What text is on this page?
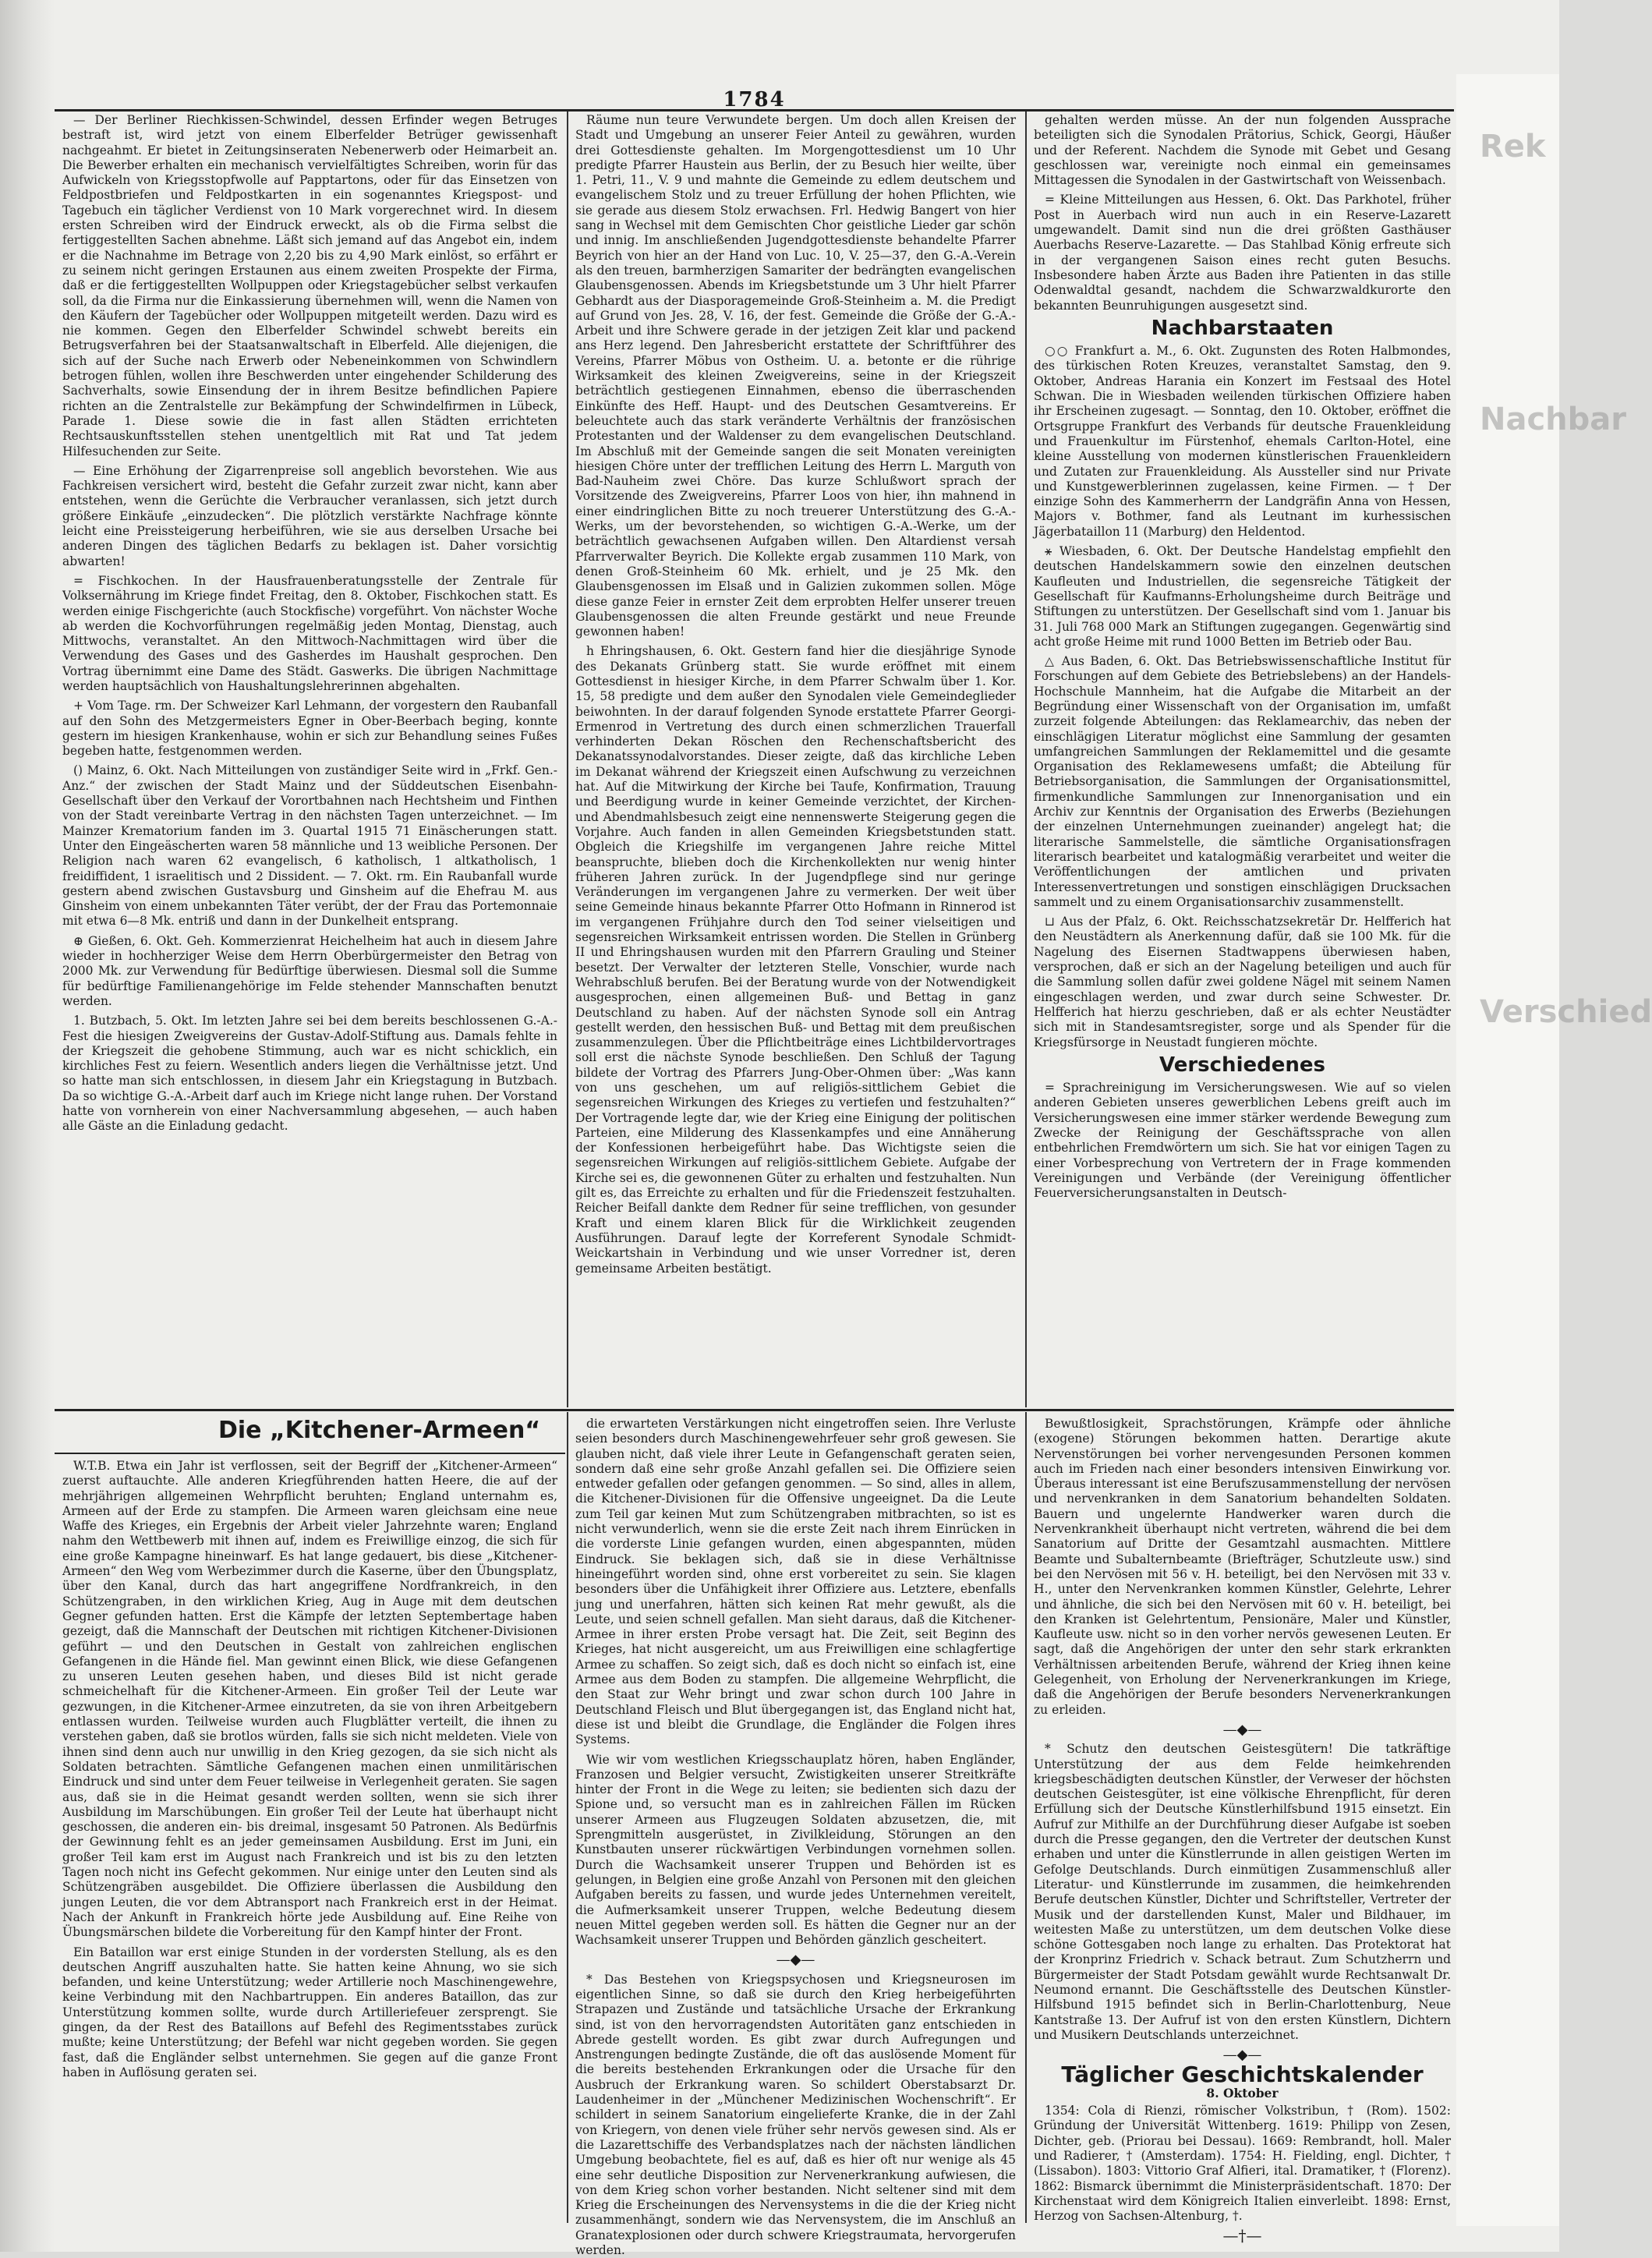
Rek
Nachbar
Verschied
1784

— Der Berliner Riechkissen-Schwindel, dessen Erfinder wegen Betruges bestraft ist, wird jetzt von einem Elberfelder Betrüger gewissenhaft nachgeahmt. Er bietet in Zeitungsinseraten Nebenerwerb oder Heimarbeit an. Die Bewerber erhalten ein mechanisch vervielfältigtes Schreiben, worin für das Aufwickeln von Kriegsstopfwolle auf Papptartons, oder für das Einsetzen von Feldpostbriefen und Feldpostkarten in ein sogenanntes Kriegspost- und Tagebuch ein täglicher Verdienst von 10 Mark vorgerechnet wird. In diesem ersten Schreiben wird der Eindruck erweckt, als ob die Firma selbst die fertiggestellten Sachen abnehme. Läßt sich jemand auf das Angebot ein, indem er die Nachnahme im Betrage von 2,20 bis zu 4,90 Mark einlöst, so erfährt er zu seinem nicht geringen Erstaunen aus einem zweiten Prospekte der Firma, daß er die fertiggestellten Wollpuppen oder Kriegstagebücher selbst verkaufen soll, da die Firma nur die Einkassierung übernehmen will, wenn die Namen von den Käufern der Tagebücher oder Wollpuppen mitgeteilt werden. Dazu wird es nie kommen. Gegen den Elberfelder Schwindel schwebt bereits ein Betrugsverfahren bei der Staatsanwaltschaft in Elberfeld. Alle diejenigen, die sich auf der Suche nach Erwerb oder Nebeneinkommen von Schwindlern betrogen fühlen, wollen ihre Beschwerden unter eingehender Schilderung des Sachverhalts, sowie Einsendung der in ihrem Besitze befindlichen Papiere richten an die Zentralstelle zur Bekämpfung der Schwindelfirmen in Lübeck, Parade 1. Diese sowie die in fast allen Städten errichteten Rechtsauskunftsstellen stehen unentgeltlich mit Rat und Tat jedem Hilfesuchenden zur Seite.

— Eine Erhöhung der Zigarrenpreise soll angeblich bevorstehen. Wie aus Fachkreisen versichert wird, besteht die Gefahr zurzeit zwar nicht, kann aber entstehen, wenn die Gerüchte die Verbraucher veranlassen, sich jetzt durch größere Einkäufe „einzudecken“. Die plötzlich verstärkte Nachfrage könnte leicht eine Preissteigerung herbeiführen, wie sie aus derselben Ursache bei anderen Dingen des täglichen Bedarfs zu beklagen ist. Daher vorsichtig abwarten!

= Fischkochen. In der Hausfrauenberatungsstelle der Zentrale für Volksernährung im Kriege findet Freitag, den 8. Oktober, Fischkochen statt. Es werden einige Fischgerichte (auch Stockfische) vorgeführt. Von nächster Woche ab werden die Kochvorführungen regelmäßig jeden Montag, Dienstag, auch Mittwochs, veranstaltet. An den Mittwoch-Nachmittagen wird über die Verwendung des Gases und des Gasherdes im Haushalt gesprochen. Den Vortrag übernimmt eine Dame des Städt. Gaswerks. Die übrigen Nachmittage werden hauptsächlich von Haushaltungslehrerinnen abgehalten.

+ Vom Tage. rm. Der Schweizer Karl Lehmann, der vorgestern den Raubanfall auf den Sohn des Metzgermeisters Egner in Ober-Beerbach beging, konnte gestern im hiesigen Krankenhause, wohin er sich zur Behandlung seines Fußes begeben hatte, festgenommen werden.

() Mainz, 6. Okt. Nach Mitteilungen von zuständiger Seite wird in „Frkf. Gen.-Anz.“ der zwischen der Stadt Mainz und der Süddeutschen Eisenbahn-Gesellschaft über den Verkauf der Vorortbahnen nach Hechtsheim und Finthen von der Stadt vereinbarte Vertrag in den nächsten Tagen unterzeichnet. — Im Mainzer Krematorium fanden im 3. Quartal 1915 71 Einäscherungen statt. Unter den Eingeäscherten waren 58 männliche und 13 weibliche Personen. Der Religion nach waren 62 evangelisch, 6 katholisch, 1 altkatholisch, 1 freidiffident, 1 israelitisch und 2 Dissident. — 7. Okt. rm. Ein Raubanfall wurde gestern abend zwischen Gustavsburg und Ginsheim auf die Ehefrau M. aus Ginsheim von einem unbekannten Täter verübt, der der Frau das Portemonnaie mit etwa 6—8 Mk. entriß und dann in der Dunkelheit entsprang.

⊕ Gießen, 6. Okt. Geh. Kommerzienrat Heichelheim hat auch in diesem Jahre wieder in hochherziger Weise dem Herrn Oberbürgermeister den Betrag von 2000 Mk. zur Verwendung für Bedürftige überwiesen. Diesmal soll die Summe für bedürftige Familienangehörige im Felde stehender Mannschaften benutzt werden.

1. Butzbach, 5. Okt. Im letzten Jahre sei bei dem bereits beschlossenen G.-A.-Fest die hiesigen Zweigvereins der Gustav-Adolf-Stiftung aus. Damals fehlte in der Kriegszeit die gehobene Stimmung, auch war es nicht schicklich, ein kirchliches Fest zu feiern. Wesentlich anders liegen die Verhältnisse jetzt. Und so hatte man sich entschlossen, in diesem Jahr ein Kriegstagung in Butzbach. Da so wichtige G.-A.-Arbeit darf auch im Kriege nicht lange ruhen. Der Vorstand hatte von vornherein von einer Nachversammlung abgesehen, — auch haben alle Gäste an die Einladung gedacht.

Räume nun teure Verwundete bergen. Um doch allen Kreisen der Stadt und Umgebung an unserer Feier Anteil zu gewähren, wurden drei Gottesdienste gehalten. Im Morgengottesdienst um 10 Uhr predigte Pfarrer Haustein aus Berlin, der zu Besuch hier weilte, über 1. Petri, 11., V. 9 und mahnte die Gemeinde zu edlem deutschem und evangelischem Stolz und zu treuer Erfüllung der hohen Pflichten, wie sie gerade aus diesem Stolz erwachsen. Frl. Hedwig Bangert von hier sang in Wechsel mit dem Gemischten Chor geistliche Lieder gar schön und innig. Im anschließenden Jugendgottesdienste behandelte Pfarrer Beyrich von hier an der Hand von Luc. 10, V. 25—37, den G.-A.-Verein als den treuen, barmherzigen Samariter der bedrängten evangelischen Glaubensgenossen. Abends im Kriegsbetstunde um 3 Uhr hielt Pfarrer Gebhardt aus der Diasporagemeinde Groß-Steinheim a. M. die Predigt auf Grund von Jes. 28, V. 16, der fest. Gemeinde die Größe der G.-A.-Arbeit und ihre Schwere gerade in der jetzigen Zeit klar und packend ans Herz legend. Den Jahresbericht erstattete der Schriftführer des Vereins, Pfarrer Möbus von Ostheim. U. a. betonte er die rührige Wirksamkeit des kleinen Zweigvereins, seine in der Kriegszeit beträchtlich gestiegenen Einnahmen, ebenso die überraschenden Einkünfte des Heff. Haupt- und des Deutschen Gesamtvereins. Er beleuchtete auch das stark veränderte Verhältnis der französischen Protestanten und der Waldenser zu dem evangelischen Deutschland. Im Abschluß mit der Gemeinde sangen die seit Monaten vereinigten hiesigen Chöre unter der trefflichen Leitung des Herrn L. Marguth von Bad-Nauheim zwei Chöre. Das kurze Schlußwort sprach der Vorsitzende des Zweigvereins, Pfarrer Loos von hier, ihn mahnend in einer eindringlichen Bitte zu noch treuerer Unterstützung des G.-A.-Werks, um der bevorstehenden, so wichtigen G.-A.-Werke, um der beträchtlich gewachsenen Aufgaben willen. Den Altardienst versah Pfarrverwalter Beyrich. Die Kollekte ergab zusammen 110 Mark, von denen Groß-Steinheim 60 Mk. erhielt, und je 25 Mk. den Glaubensgenossen im Elsaß und in Galizien zukommen sollen. Möge diese ganze Feier in ernster Zeit dem erprobten Helfer unserer treuen Glaubensgenossen die alten Freunde gestärkt und neue Freunde gewonnen haben!

h Ehringshausen, 6. Okt. Gestern fand hier die diesjährige Synode des Dekanats Grünberg statt. Sie wurde eröffnet mit einem Gottesdienst in hiesiger Kirche, in dem Pfarrer Schwalm über 1. Kor. 15, 58 predigte und dem außer den Synodalen viele Gemeindeglieder beiwohnten. In der darauf folgenden Synode erstattete Pfarrer Georgi-Ermenrod in Vertretung des durch einen schmerzlichen Trauerfall verhinderten Dekan Röschen den Rechenschaftsbericht des Dekanatssynodalvorstandes. Dieser zeigte, daß das kirchliche Leben im Dekanat während der Kriegszeit einen Aufschwung zu verzeichnen hat. Auf die Mitwirkung der Kirche bei Taufe, Konfirmation, Trauung und Beerdigung wurde in keiner Gemeinde verzichtet, der Kirchen- und Abendmahlsbesuch zeigt eine nennenswerte Steigerung gegen die Vorjahre. Auch fanden in allen Gemeinden Kriegsbetstunden statt. Obgleich die Kriegshilfe im vergangenen Jahre reiche Mittel beanspruchte, blieben doch die Kirchenkollekten nur wenig hinter früheren Jahren zurück. In der Jugendpflege sind nur geringe Veränderungen im vergangenen Jahre zu vermerken. Der weit über seine Gemeinde hinaus bekannte Pfarrer Otto Hofmann in Rinnerod ist im vergangenen Frühjahre durch den Tod seiner vielseitigen und segensreichen Wirksamkeit entrissen worden. Die Stellen in Grünberg II und Ehringshausen wurden mit den Pfarrern Grauling und Steiner besetzt. Der Verwalter der letzteren Stelle, Vonschier, wurde nach Wehrabschluß berufen. Bei der Beratung wurde von der Notwendigkeit ausgesprochen, einen allgemeinen Buß- und Bettag in ganz Deutschland zu haben. Auf der nächsten Synode soll ein Antrag gestellt werden, den hessischen Buß- und Bettag mit dem preußischen zusammenzulegen. Über die Pflichtbeiträge eines Lichtbildervortrages soll erst die nächste Synode beschließen. Den Schluß der Tagung bildete der Vortrag des Pfarrers Jung-Ober-Ohmen über: „Was kann von uns geschehen, um auf religiös-sittlichem Gebiet die segensreichen Wirkungen des Krieges zu vertiefen und festzuhalten?“ Der Vortragende legte dar, wie der Krieg eine Einigung der politischen Parteien, eine Milderung des Klassenkampfes und eine Annäherung der Konfessionen herbeigeführt habe. Das Wichtigste seien die segensreichen Wirkungen auf religiös-sittlichem Gebiete. Aufgabe der Kirche sei es, die gewonnenen Güter zu erhalten und festzuhalten. Nun gilt es, das Erreichte zu erhalten und für die Friedenszeit festzuhalten. Reicher Beifall dankte dem Redner für seine trefflichen, von gesunder Kraft und einem klaren Blick für die Wirklichkeit zeugenden Ausführungen. Darauf legte der Korreferent Synodale Schmidt-Weickartshain in Verbindung und wie unser Vorredner ist, deren gemeinsame Arbeiten bestätigt.

gehalten werden müsse. An der nun folgenden Aussprache beteiligten sich die Synodalen Prätorius, Schick, Georgi, Häußer und der Referent. Nachdem die Synode mit Gebet und Gesang geschlossen war, vereinigte noch einmal ein gemeinsames Mittagessen die Synodalen in der Gastwirtschaft von Weissenbach.

= Kleine Mitteilungen aus Hessen, 6. Okt. Das Parkhotel, früher Post in Auerbach wird nun auch in ein Reserve-Lazarett umgewandelt. Damit sind nun die drei größten Gasthäuser Auerbachs Reserve-Lazarette. — Das Stahlbad König erfreute sich in der vergangenen Saison eines recht guten Besuchs. Insbesondere haben Ärzte aus Baden ihre Patienten in das stille Odenwaldtal gesandt, nachdem die Schwarzwaldkurorte den bekannten Beunruhigungen ausgesetzt sind.

Nachbarstaaten

○○ Frankfurt a. M., 6. Okt. Zugunsten des Roten Halbmondes, des türkischen Roten Kreuzes, veranstaltet Samstag, den 9. Oktober, Andreas Harania ein Konzert im Festsaal des Hotel Schwan. Die in Wiesbaden weilenden türkischen Offiziere haben ihr Erscheinen zugesagt. — Sonntag, den 10. Oktober, eröffnet die Ortsgruppe Frankfurt des Verbands für deutsche Frauenkleidung und Frauenkultur im Fürstenhof, ehemals Carlton-Hotel, eine kleine Ausstellung von modernen künstlerischen Frauenkleidern und Zutaten zur Frauenkleidung. Als Aussteller sind nur Private und Kunstgewerblerinnen zugelassen, keine Firmen. — † Der einzige Sohn des Kammerherrn der Landgräfin Anna von Hessen, Majors v. Bothmer, fand als Leutnant im kurhessischen Jägerbataillon 11 (Marburg) den Heldentod.

⚹ Wiesbaden, 6. Okt. Der Deutsche Handelstag empfiehlt den deutschen Handelskammern sowie den einzelnen deutschen Kaufleuten und Industriellen, die segensreiche Tätigkeit der Gesellschaft für Kaufmanns-Erholungsheime durch Beiträge und Stiftungen zu unterstützen. Der Gesellschaft sind vom 1. Januar bis 31. Juli 768 000 Mark an Stiftungen zugegangen. Gegenwärtig sind acht große Heime mit rund 1000 Betten im Betrieb oder Bau.

△ Aus Baden, 6. Okt. Das Betriebswissenschaftliche Institut für Forschungen auf dem Gebiete des Betriebslebens) an der Handels-Hochschule Mannheim, hat die Aufgabe die Mitarbeit an der Begründung einer Wissenschaft von der Organisation im, umfaßt zurzeit folgende Abteilungen: das Reklamearchiv, das neben der einschlägigen Literatur möglichst eine Sammlung der gesamten umfangreichen Sammlungen der Reklamemittel und die gesamte Organisation des Reklamewesens umfaßt; die Abteilung für Betriebsorganisation, die Sammlungen der Organisationsmittel, firmenkundliche Sammlungen zur Innenorganisation und ein Archiv zur Kenntnis der Organisation des Erwerbs (Beziehungen der einzelnen Unternehmungen zueinander) angelegt hat; die literarische Sammelstelle, die sämtliche Organisationsfragen literarisch bearbeitet und katalogmäßig verarbeitet und weiter die Veröffentlichungen der amtlichen und privaten Interessenvertretungen und sonstigen einschlägigen Drucksachen sammelt und zu einem Organisationsarchiv zusammenstellt.

⊔ Aus der Pfalz, 6. Okt. Reichsschatzsekretär Dr. Helfferich hat den Neustädtern als Anerkennung dafür, daß sie 100 Mk. für die Nagelung des Eisernen Stadtwappens überwiesen haben, versprochen, daß er sich an der Nagelung beteiligen und auch für die Sammlung sollen dafür zwei goldene Nägel mit seinem Namen eingeschlagen werden, und zwar durch seine Schwester. Dr. Helfferich hat hierzu geschrieben, daß er als echter Neustädter sich mit in Standesamtsregister, sorge und als Spender für die Kriegsfürsorge in Neustadt fungieren möchte.

Verschiedenes

= Sprachreinigung im Versicherungswesen. Wie auf so vielen anderen Gebieten unseres gewerblichen Lebens greift auch im Versicherungswesen eine immer stärker werdende Bewegung zum Zwecke der Reinigung der Geschäftssprache von allen entbehrlichen Fremdwörtern um sich. Sie hat vor einigen Tagen zu einer Vorbesprechung von Vertretern der in Frage kommenden Vereinigungen und Verbände (der Vereinigung öffentlicher Feuerversicherungsanstalten in Deutsch-

Die „Kitchener-Armeen“

W.T.B. Etwa ein Jahr ist verflossen, seit der Begriff der „Kitchener-Armeen“ zuerst auftauchte. Alle anderen Kriegführenden hatten Heere, die auf der mehrjährigen allgemeinen Wehrpflicht beruhten; England unternahm es, Armeen auf der Erde zu stampfen. Die Armeen waren gleichsam eine neue Waffe des Krieges, ein Ergebnis der Arbeit vieler Jahrzehnte waren; England nahm den Wettbewerb mit ihnen auf, indem es Freiwillige einzog, die sich für eine große Kampagne hineinwarf. Es hat lange gedauert, bis diese „Kitchener-Armeen“ den Weg vom Werbezimmer durch die Kaserne, über den Übungsplatz, über den Kanal, durch das hart angegriffene Nordfrankreich, in den Schützengraben, in den wirklichen Krieg, Aug in Auge mit dem deutschen Gegner gefunden hatten. Erst die Kämpfe der letzten Septembertage haben gezeigt, daß die Mannschaft der Deutschen mit richtigen Kitchener-Divisionen geführt — und den Deutschen in Gestalt von zahlreichen englischen Gefangenen in die Hände fiel. Man gewinnt einen Blick, wie diese Gefangenen zu unseren Leuten gesehen haben, und dieses Bild ist nicht gerade schmeichelhaft für die Kitchener-Armeen. Ein großer Teil der Leute war gezwungen, in die Kitchener-Armee einzutreten, da sie von ihren Arbeitgebern entlassen wurden. Teilweise wurden auch Flugblätter verteilt, die ihnen zu verstehen gaben, daß sie brotlos würden, falls sie sich nicht meldeten. Viele von ihnen sind denn auch nur unwillig in den Krieg gezogen, da sie sich nicht als Soldaten betrachten. Sämtliche Gefangenen machen einen unmilitärischen Eindruck und sind unter dem Feuer teilweise in Verlegenheit geraten. Sie sagen aus, daß sie in die Heimat gesandt werden sollten, wenn sie sich ihrer Ausbildung im Marschübungen. Ein großer Teil der Leute hat überhaupt nicht geschossen, die anderen ein- bis dreimal, insgesamt 50 Patronen. Als Bedürfnis der Gewinnung fehlt es an jeder gemeinsamen Ausbildung. Erst im Juni, ein großer Teil kam erst im August nach Frankreich und ist bis zu den letzten Tagen noch nicht ins Gefecht gekommen. Nur einige unter den Leuten sind als Schützengräben ausgebildet. Die Offiziere überlassen die Ausbildung den jungen Leuten, die vor dem Abtransport nach Frankreich erst in der Heimat. Nach der Ankunft in Frankreich hörte jede Ausbildung auf. Eine Reihe von Übungsmärschen bildete die Vorbereitung für den Kampf hinter der Front.

Ein Bataillon war erst einige Stunden in der vordersten Stellung, als es den deutschen Angriff auszuhalten hatte. Sie hatten keine Ahnung, wo sie sich befanden, und keine Unterstützung; weder Artillerie noch Maschinengewehre, keine Verbindung mit den Nachbartruppen. Ein anderes Bataillon, das zur Unterstützung kommen sollte, wurde durch Artilleriefeuer zersprengt. Sie gingen, da der Rest des Bataillons auf Befehl des Regimentsstabes zurück mußte; keine Unterstützung; der Befehl war nicht gegeben worden. Sie gegen fast, daß die Engländer selbst unternehmen. Sie gegen auf die ganze Front haben in Auflösung geraten sei.

die erwarteten Verstärkungen nicht eingetroffen seien. Ihre Verluste seien besonders durch Maschinengewehrfeuer sehr groß gewesen. Sie glauben nicht, daß viele ihrer Leute in Gefangenschaft geraten seien, sondern daß eine sehr große Anzahl gefallen sei. Die Offiziere seien entweder gefallen oder gefangen genommen. — So sind, alles in allem, die Kitchener-Divisionen für die Offensive ungeeignet. Da die Leute zum Teil gar keinen Mut zum Schützengraben mitbrachten, so ist es nicht verwunderlich, wenn sie die erste Zeit nach ihrem Einrücken in die vorderste Linie gefangen wurden, einen abgespannten, müden Eindruck. Sie beklagen sich, daß sie in diese Verhältnisse hineingeführt worden sind, ohne erst vorbereitet zu sein. Sie klagen besonders über die Unfähigkeit ihrer Offiziere aus. Letztere, ebenfalls jung und unerfahren, hätten sich keinen Rat mehr gewußt, als die Leute, und seien schnell gefallen. Man sieht daraus, daß die Kitchener-Armee in ihrer ersten Probe versagt hat. Die Zeit, seit Beginn des Krieges, hat nicht ausgereicht, um aus Freiwilligen eine schlagfertige Armee zu schaffen. So zeigt sich, daß es doch nicht so einfach ist, eine Armee aus dem Boden zu stampfen. Die allgemeine Wehrpflicht, die den Staat zur Wehr bringt und zwar schon durch 100 Jahre in Deutschland Fleisch und Blut übergegangen ist, das England nicht hat, diese ist und bleibt die Grundlage, die Engländer die Folgen ihres Systems.

Wie wir vom westlichen Kriegsschauplatz hören, haben Engländer, Franzosen und Belgier versucht, Zwistigkeiten unserer Streitkräfte hinter der Front in die Wege zu leiten; sie bedienten sich dazu der Spione und, so versucht man es in zahlreichen Fällen im Rücken unserer Armeen aus Flugzeugen Soldaten abzusetzen, die, mit Sprengmitteln ausgerüstet, in Zivilkleidung, Störungen an den Kunstbauten unserer rückwärtigen Verbindungen vornehmen sollen. Durch die Wachsamkeit unserer Truppen und Behörden ist es gelungen, in Belgien eine große Anzahl von Personen mit den gleichen Aufgaben bereits zu fassen, und wurde jedes Unternehmen vereitelt, die Aufmerksamkeit unserer Truppen, welche Bedeutung diesem neuen Mittel gegeben werden soll. Es hätten die Gegner nur an der Wachsamkeit unserer Truppen und Behörden gänzlich gescheitert.

—◆—

* Das Bestehen von Kriegspsychosen und Kriegsneurosen im eigentlichen Sinne, so daß sie durch den Krieg herbeigeführten Strapazen und Zustände und tatsächliche Ursache der Erkrankung sind, ist von den hervorragendsten Autoritäten ganz entschieden in Abrede gestellt worden. Es gibt zwar durch Aufregungen und Anstrengungen bedingte Zustände, die oft das auslösende Moment für die bereits bestehenden Erkrankungen oder die Ursache für den Ausbruch der Erkrankung waren. So schildert Oberstabsarzt Dr. Laudenheimer in der „Münchener Medizinischen Wochenschrift“. Er schildert in seinem Sanatorium eingelieferte Kranke, die in der Zahl von Kriegern, von denen viele früher sehr nervös gewesen sind. Als er die Lazarettschiffe des Verbandsplatzes nach der nächsten ländlichen Umgebung beobachtete, fiel es auf, daß es hier oft nur wenige als 45 eine sehr deutliche Disposition zur Nervenerkrankung aufwiesen, die von dem Krieg schon vorher bestanden. Nicht seltener sind mit dem Krieg die Erscheinungen des Nervensystems in die die der Krieg nicht zusammenhängt, sondern wie das Nervensystem, die im Anschluß an Granatexplosionen oder durch schwere Kriegstraumata, hervorgerufen werden.

Bewußtlosigkeit, Sprachstörungen, Krämpfe oder ähnliche (exogene) Störungen bekommen hatten. Derartige akute Nervenstörungen bei vorher nervengesunden Personen kommen auch im Frieden nach einer besonders intensiven Einwirkung vor. Überaus interessant ist eine Berufszusammenstellung der nervösen und nervenkranken in dem Sanatorium behandelten Soldaten. Bauern und ungelernte Handwerker waren durch die Nervenkrankheit überhaupt nicht vertreten, während die bei dem Sanatorium auf Dritte der Gesamtzahl ausmachten. Mittlere Beamte und Subalternbeamte (Briefträger, Schutzleute usw.) sind bei den Nervösen mit 56 v. H. beteiligt, bei den Nervösen mit 33 v. H., unter den Nervenkranken kommen Künstler, Gelehrte, Lehrer und ähnliche, die sich bei den Nervösen mit 60 v. H. beteiligt, bei den Kranken ist Gelehrtentum, Pensionäre, Maler und Künstler, Kaufleute usw. nicht so in den vorher nervös gewesenen Leuten. Er sagt, daß die Angehörigen der unter den sehr stark erkrankten Verhältnissen arbeitenden Berufe, während der Krieg ihnen keine Gelegenheit, von Erholung der Nervenerkrankungen im Kriege, daß die Angehörigen der Berufe besonders Nervenerkrankungen zu erleiden.

—◆—

* Schutz den deutschen Geistesgütern! Die tatkräftige Unterstützung der aus dem Felde heimkehrenden kriegsbeschädigten deutschen Künstler, der Verweser der höchsten deutschen Geistesgüter, ist eine völkische Ehrenpflicht, für deren Erfüllung sich der Deutsche Künstlerhilfsbund 1915 einsetzt. Ein Aufruf zur Mithilfe an der Durchführung dieser Aufgabe ist soeben durch die Presse gegangen, den die Vertreter der deutschen Kunst erhaben und unter die Künstlerrunde in allen geistigen Werten im Gefolge Deutschlands. Durch einmütigen Zusammenschluß aller Literatur- und Künstlerrunde im zusammen, die heimkehrenden Berufe deutschen Künstler, Dichter und Schriftsteller, Vertreter der Musik und der darstellenden Kunst, Maler und Bildhauer, im weitesten Maße zu unterstützen, um dem deutschen Volke diese schöne Gottesgaben noch lange zu erhalten. Das Protektorat hat der Kronprinz Friedrich v. Schack betraut. Zum Schutzherrn und Bürgermeister der Stadt Potsdam gewählt wurde Rechtsanwalt Dr. Neumond ernannt. Die Geschäftsstelle des Deutschen Künstler-Hilfsbund 1915 befindet sich in Berlin-Charlottenburg, Neue Kantstraße 13. Der Aufruf ist von den ersten Künstlern, Dichtern und Musikern Deutschlands unterzeichnet.

—◆—
Täglicher Geschichtskalender
8. Oktober

1354: Cola di Rienzi, römischer Volkstribun, † (Rom). 1502: Gründung der Universität Wittenberg. 1619: Philipp von Zesen, Dichter, geb. (Priorau bei Dessau). 1669: Rembrandt, holl. Maler und Radierer, † (Amsterdam). 1754: H. Fielding, engl. Dichter, † (Lissabon). 1803: Vittorio Graf Alfieri, ital. Dramatiker, † (Florenz). 1862: Bismarck übernimmt die Ministerpräsidentschaft. 1870: Der Kirchenstaat wird dem Königreich Italien einverleibt. 1898: Ernst, Herzog von Sachsen-Altenburg, †.

—†—
